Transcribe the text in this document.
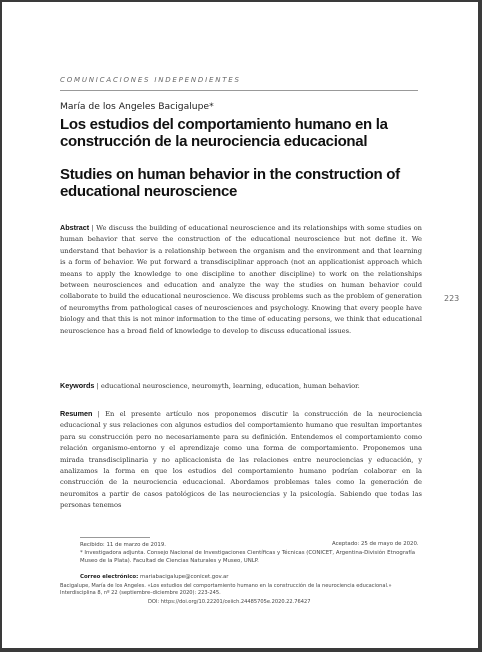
COMUNICACIONES INDEPENDIENTES
María de los Angeles Bacigalupe*
Los estudios del comportamiento humano en la construcción de la neurociencia educacional
Studies on human behavior in the construction of educational neuroscience
Abstract | We discuss the building of educational neuroscience and its relationships with some studies on human behavior that serve the construction of the educational neuroscience but not define it. We understand that behavior is a relationship between the organism and the environment and that learning is a form of behavior. We put forward a transdisciplinar approach (not an applicationist approach which means to apply the knowledge to one discipline to another discipline) to work on the relationships between neurosciences and education and analyze the way the studies on human behavior could collaborate to build the educational neuroscience. We discuss problems such as the problem of generation of neuromyths from pathological cases of neurosciences and psychology. Knowing that every people have biology and that this is not minor information to the time of educating persons, we think that educational neuroscience has a broad field of knowledge to develop to discuss educational issues.
223
Keywords | educational neuroscience, neuromyth, learning, education, human behavior.
Resumen | En el presente artículo nos proponemos discutir la construcción de la neurociencia educacional y sus relaciones con algunos estudios del comportamiento humano que resultan importantes para su construcción pero no necesariamente para su definición. Entendemos el comportamiento como relación organismo-entorno y el aprendizaje como una forma de comportamiento. Proponemos una mirada transdisciplinaria y no aplicacionista de las relaciones entre neurociencias y educación, y analizamos la forma en que los estudios del comportamiento humano podrían colaborar en la construcción de la neurociencia educacional. Abordamos problemas tales como la generación de neuromitos a partir de casos patológicos de las neurociencias y la psicología. Sabiendo que todas las personas tenemos
Recibido: 11 de marzo de 2019.	Aceptado: 25 de mayo de 2020.
* Investigadora adjunta. Consejo Nacional de Investigaciones Científicas y Técnicas (CONICET, Argentina-División Etnografía Museo de la Plata). Facultad de Ciencias Naturales y Museo, UNLP.
Correo electrónico: mariabacigalupe@conicet.gov.ar
Bacigalupe, María de los Angeles. «Los estudios del comportamiento humano en la construcción de la neurociencia educacional.» Interdisciplina 8, nº 22 (septiembre–diciembre 2020): 223-245.
DOI: https://doi.org/10.22201/ceiich.24485705e.2020.22.76427
